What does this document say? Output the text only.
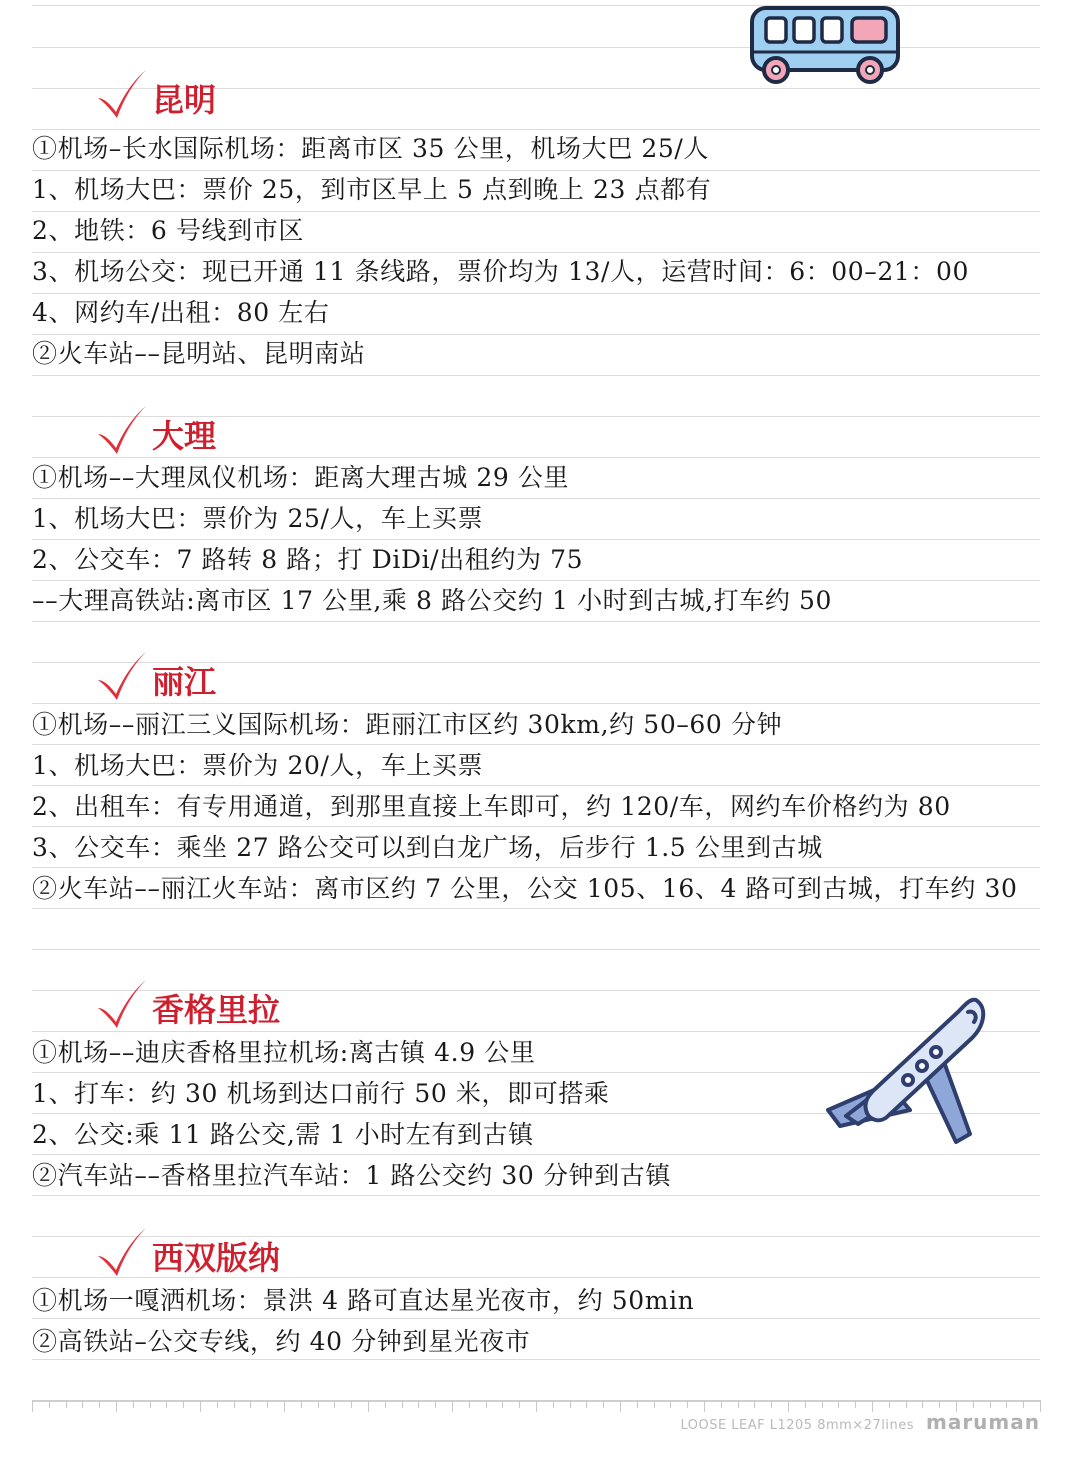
昆明
①机场–长水国际机场：距离市区 35 公里，机场大巴 25/人
1、机场大巴：票价 25，到市区早上 5 点到晚上 23 点都有
2、地铁：6 号线到市区
3、机场公交：现已开通 11 条线路，票价均为 13/人，运营时间：6：00–21：00
4、网约车/出租：80 左右
②火车站––昆明站、昆明南站
大理
①机场––大理凤仪机场：距离大理古城 29 公里
1、机场大巴：票价为 25/人，车上买票
2、公交车：7 路转 8 路；打 DiDi/出租约为 75
––大理高铁站:离市区 17 公里,乘 8 路公交约 1 小时到古城,打车约 50
丽江
①机场––丽江三义国际机场：距丽江市区约 30km,约 50–60 分钟
1、机场大巴：票价为 20/人，车上买票
2、出租车：有专用通道，到那里直接上车即可，约 120/车，网约车价格约为 80
3、公交车：乘坐 27 路公交可以到白龙广场，后步行 1.5 公里到古城
②火车站––丽江火车站：离市区约 7 公里，公交 105、16、4 路可到古城，打车约 30
香格里拉
①机场––迪庆香格里拉机场:离古镇 4.9 公里
1、打车：约 30 机场到达口前行 50 米，即可搭乘
2、公交:乘 11 路公交,需 1 小时左有到古镇
②汽车站––香格里拉汽车站：1 路公交约 30 分钟到古镇
西双版纳
①机场一嘎洒机场：景洪 4 路可直达星光夜市，约 50min
②高铁站–公交专线，约 40 分钟到星光夜市
LOOSE LEAF L1205 8mm×27lines maruman
